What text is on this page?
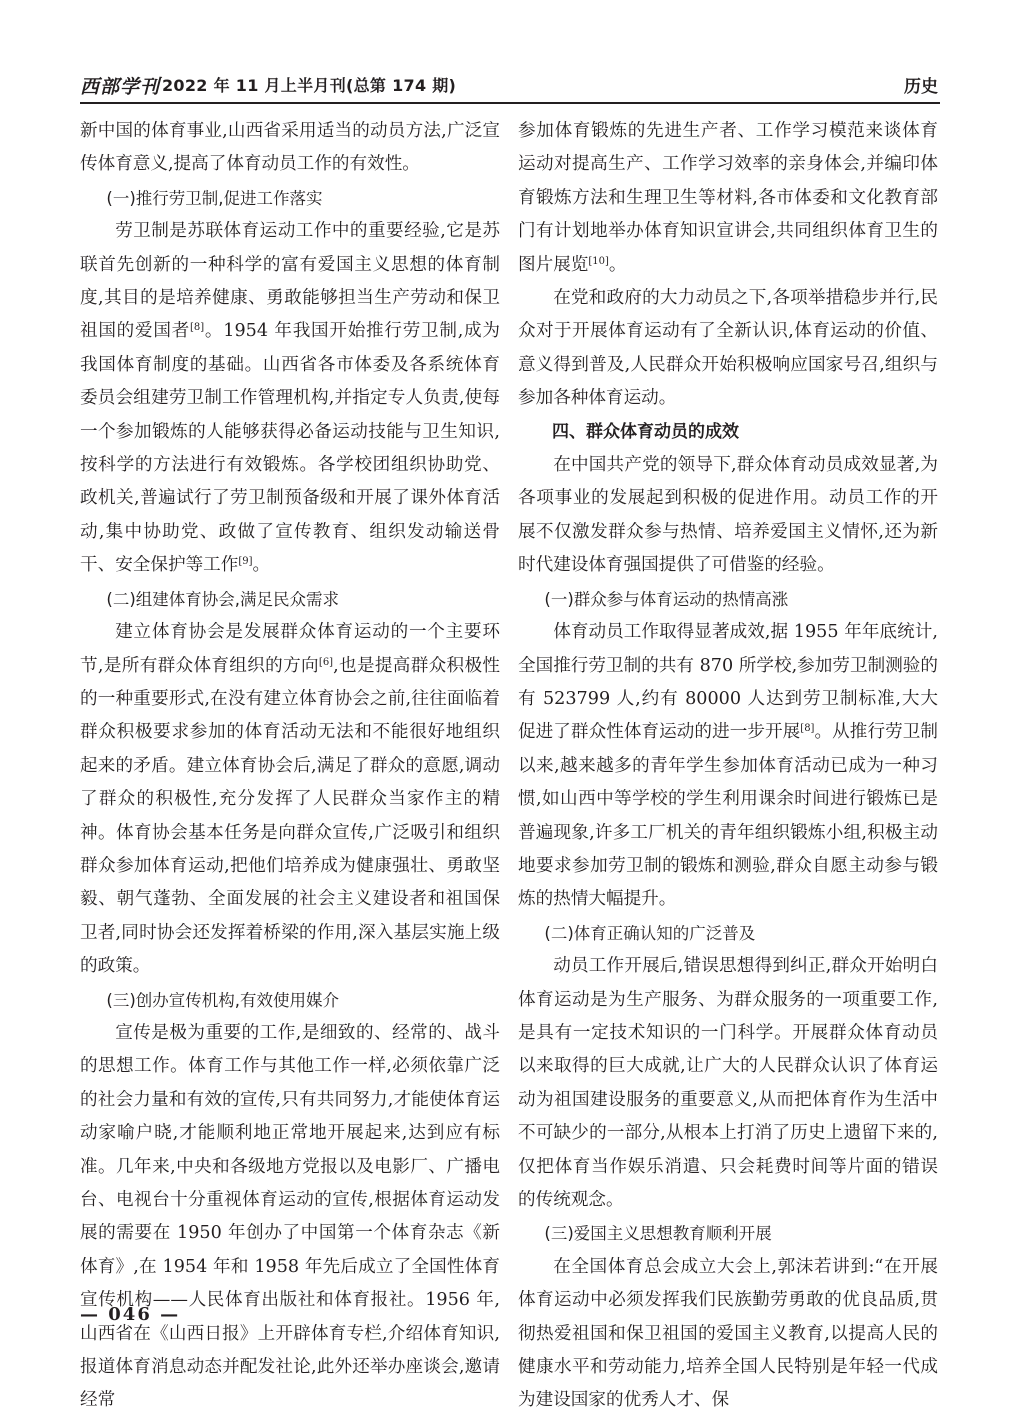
西部学刊 2022 年 11 月上半月刊(总第 174 期)	历史

新中国的体育事业,山西省采用适当的动员方法,广泛宣传体育意义,提高了体育动员工作的有效性。

(一)推行劳卫制,促进工作落实

劳卫制是苏联体育运动工作中的重要经验,它是苏联首先创新的一种科学的富有爱国主义思想的体育制度,其目的是培养健康、勇敢能够担当生产劳动和保卫祖国的爱国者[8]。1954 年我国开始推行劳卫制,成为我国体育制度的基础。山西省各市体委及各系统体育委员会组建劳卫制工作管理机构,并指定专人负责,使每一个参加锻炼的人能够获得必备运动技能与卫生知识,按科学的方法进行有效锻炼。各学校团组织协助党、政机关,普遍试行了劳卫制预备级和开展了课外体育活动,集中协助党、政做了宣传教育、组织发动输送骨干、安全保护等工作[9]。

(二)组建体育协会,满足民众需求

建立体育协会是发展群众体育运动的一个主要环节,是所有群众体育组织的方向[6],也是提高群众积极性的一种重要形式,在没有建立体育协会之前,往往面临着群众积极要求参加的体育活动无法和不能很好地组织起来的矛盾。建立体育协会后,满足了群众的意愿,调动了群众的积极性,充分发挥了人民群众当家作主的精神。体育协会基本任务是向群众宣传,广泛吸引和组织群众参加体育运动,把他们培养成为健康强壮、勇敢坚毅、朝气蓬勃、全面发展的社会主义建设者和祖国保卫者,同时协会还发挥着桥梁的作用,深入基层实施上级的政策。

(三)创办宣传机构,有效使用媒介

宣传是极为重要的工作,是细致的、经常的、战斗的思想工作。体育工作与其他工作一样,必须依靠广泛的社会力量和有效的宣传,只有共同努力,才能使体育运动家喻户晓,才能顺利地正常地开展起来,达到应有标准。几年来,中央和各级地方党报以及电影厂、广播电台、电视台十分重视体育运动的宣传,根据体育运动发展的需要在 1950 年创办了中国第一个体育杂志《新体育》,在 1954 年和 1958 年先后成立了全国性体育宣传机构——人民体育出版社和体育报社。1956 年,山西省在《山西日报》上开辟体育专栏,介绍体育知识,报道体育消息动态并配发社论,此外还举办座谈会,邀请经常

参加体育锻炼的先进生产者、工作学习模范来谈体育运动对提高生产、工作学习效率的亲身体会,并编印体育锻炼方法和生理卫生等材料,各市体委和文化教育部门有计划地举办体育知识宣讲会,共同组织体育卫生的图片展览[10]。

在党和政府的大力动员之下,各项举措稳步并行,民众对于开展体育运动有了全新认识,体育运动的价值、意义得到普及,人民群众开始积极响应国家号召,组织与参加各种体育运动。

四、群众体育动员的成效

在中国共产党的领导下,群众体育动员成效显著,为各项事业的发展起到积极的促进作用。动员工作的开展不仅激发群众参与热情、培养爱国主义情怀,还为新时代建设体育强国提供了可借鉴的经验。

(一)群众参与体育运动的热情高涨

体育动员工作取得显著成效,据 1955 年年底统计,全国推行劳卫制的共有 870 所学校,参加劳卫制测验的有 523799 人,约有 80000 人达到劳卫制标准,大大促进了群众性体育运动的进一步开展[8]。从推行劳卫制以来,越来越多的青年学生参加体育活动已成为一种习惯,如山西中等学校的学生利用课余时间进行锻炼已是普遍现象,许多工厂机关的青年组织锻炼小组,积极主动地要求参加劳卫制的锻炼和测验,群众自愿主动参与锻炼的热情大幅提升。

(二)体育正确认知的广泛普及

动员工作开展后,错误思想得到纠正,群众开始明白体育运动是为生产服务、为群众服务的一项重要工作,是具有一定技术知识的一门科学。开展群众体育动员以来取得的巨大成就,让广大的人民群众认识了体育运动为祖国建设服务的重要意义,从而把体育作为生活中不可缺少的一部分,从根本上打消了历史上遗留下来的,仅把体育当作娱乐消遣、只会耗费时间等片面的错误的传统观念。

(三)爱国主义思想教育顺利开展

在全国体育总会成立大会上,郭沫若讲到:“在开展体育运动中必须发挥我们民族勤劳勇敢的优良品质,贯彻热爱祖国和保卫祖国的爱国主义教育,以提高人民的健康水平和劳动能力,培养全国人民特别是年轻一代成为建设国家的优秀人才、保

— 046 —
